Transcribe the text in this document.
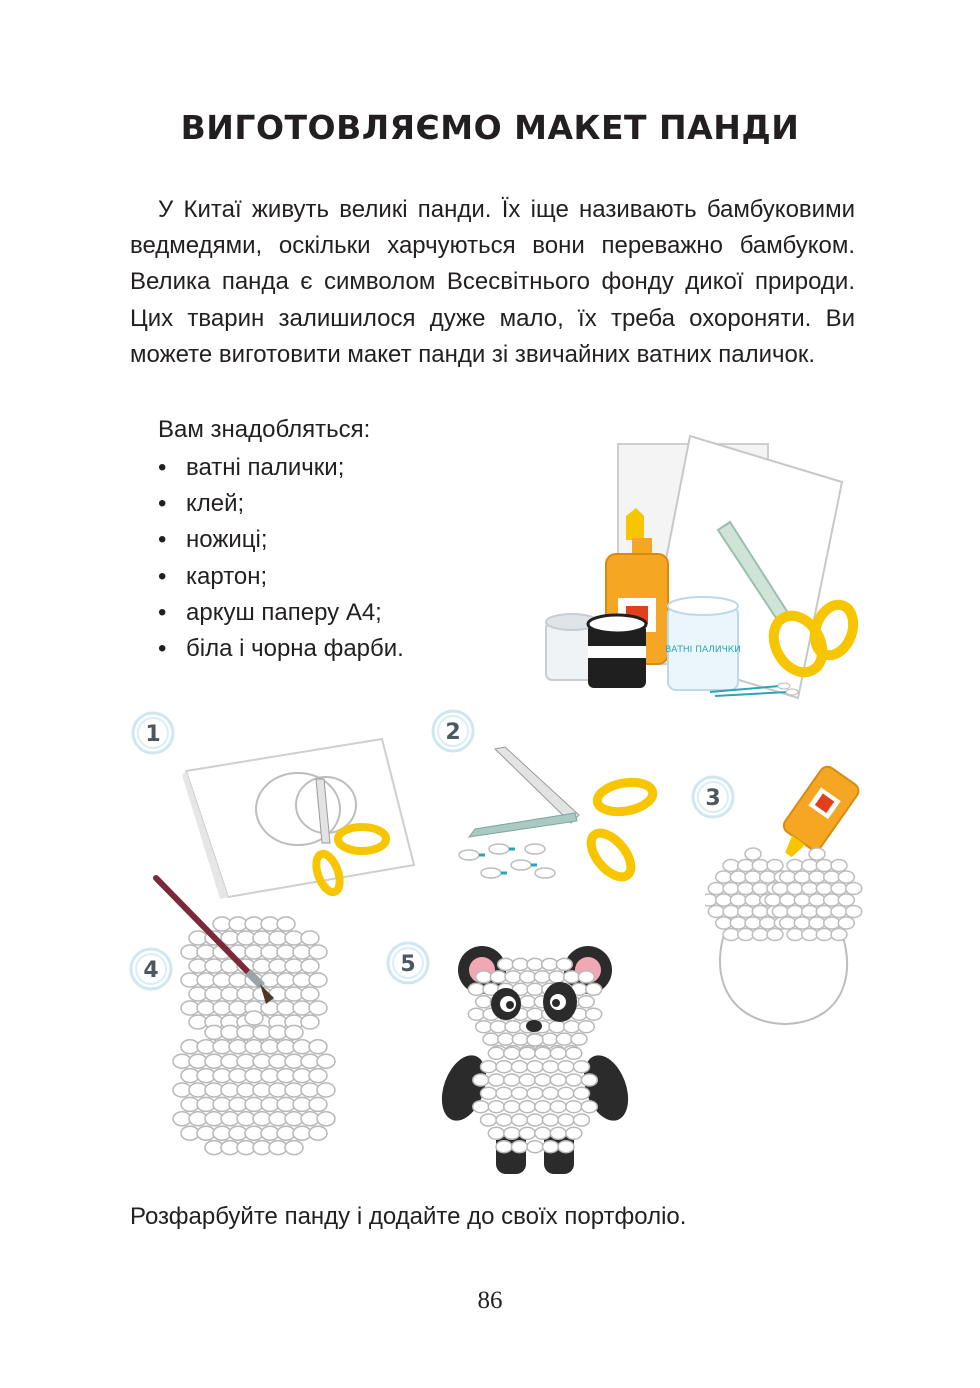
ВИГОТОВЛЯЄМО МАКЕТ ПАНДИ

У Китаї живуть великі панди. Їх іще називають бамбуковими ведмедями, оскільки харчуються вони переважно бамбуком. Велика панда є символом Всесвітнього фонду дикої природи. Цих тварин залишилося дуже мало, їх треба охороняти. Ви можете виготовити макет панди зі звичайних ватних паличок.

Вам знадобляться:

• ватні палички;
• клей;
• ножиці;
• картон;
• аркуш паперу А4;
• біла і чорна фарби.	ВАТНІ ПАЛИЧКИ
1	2
3
4	5

Розфарбуйте панду і додайте до своїх портфоліо.

86
